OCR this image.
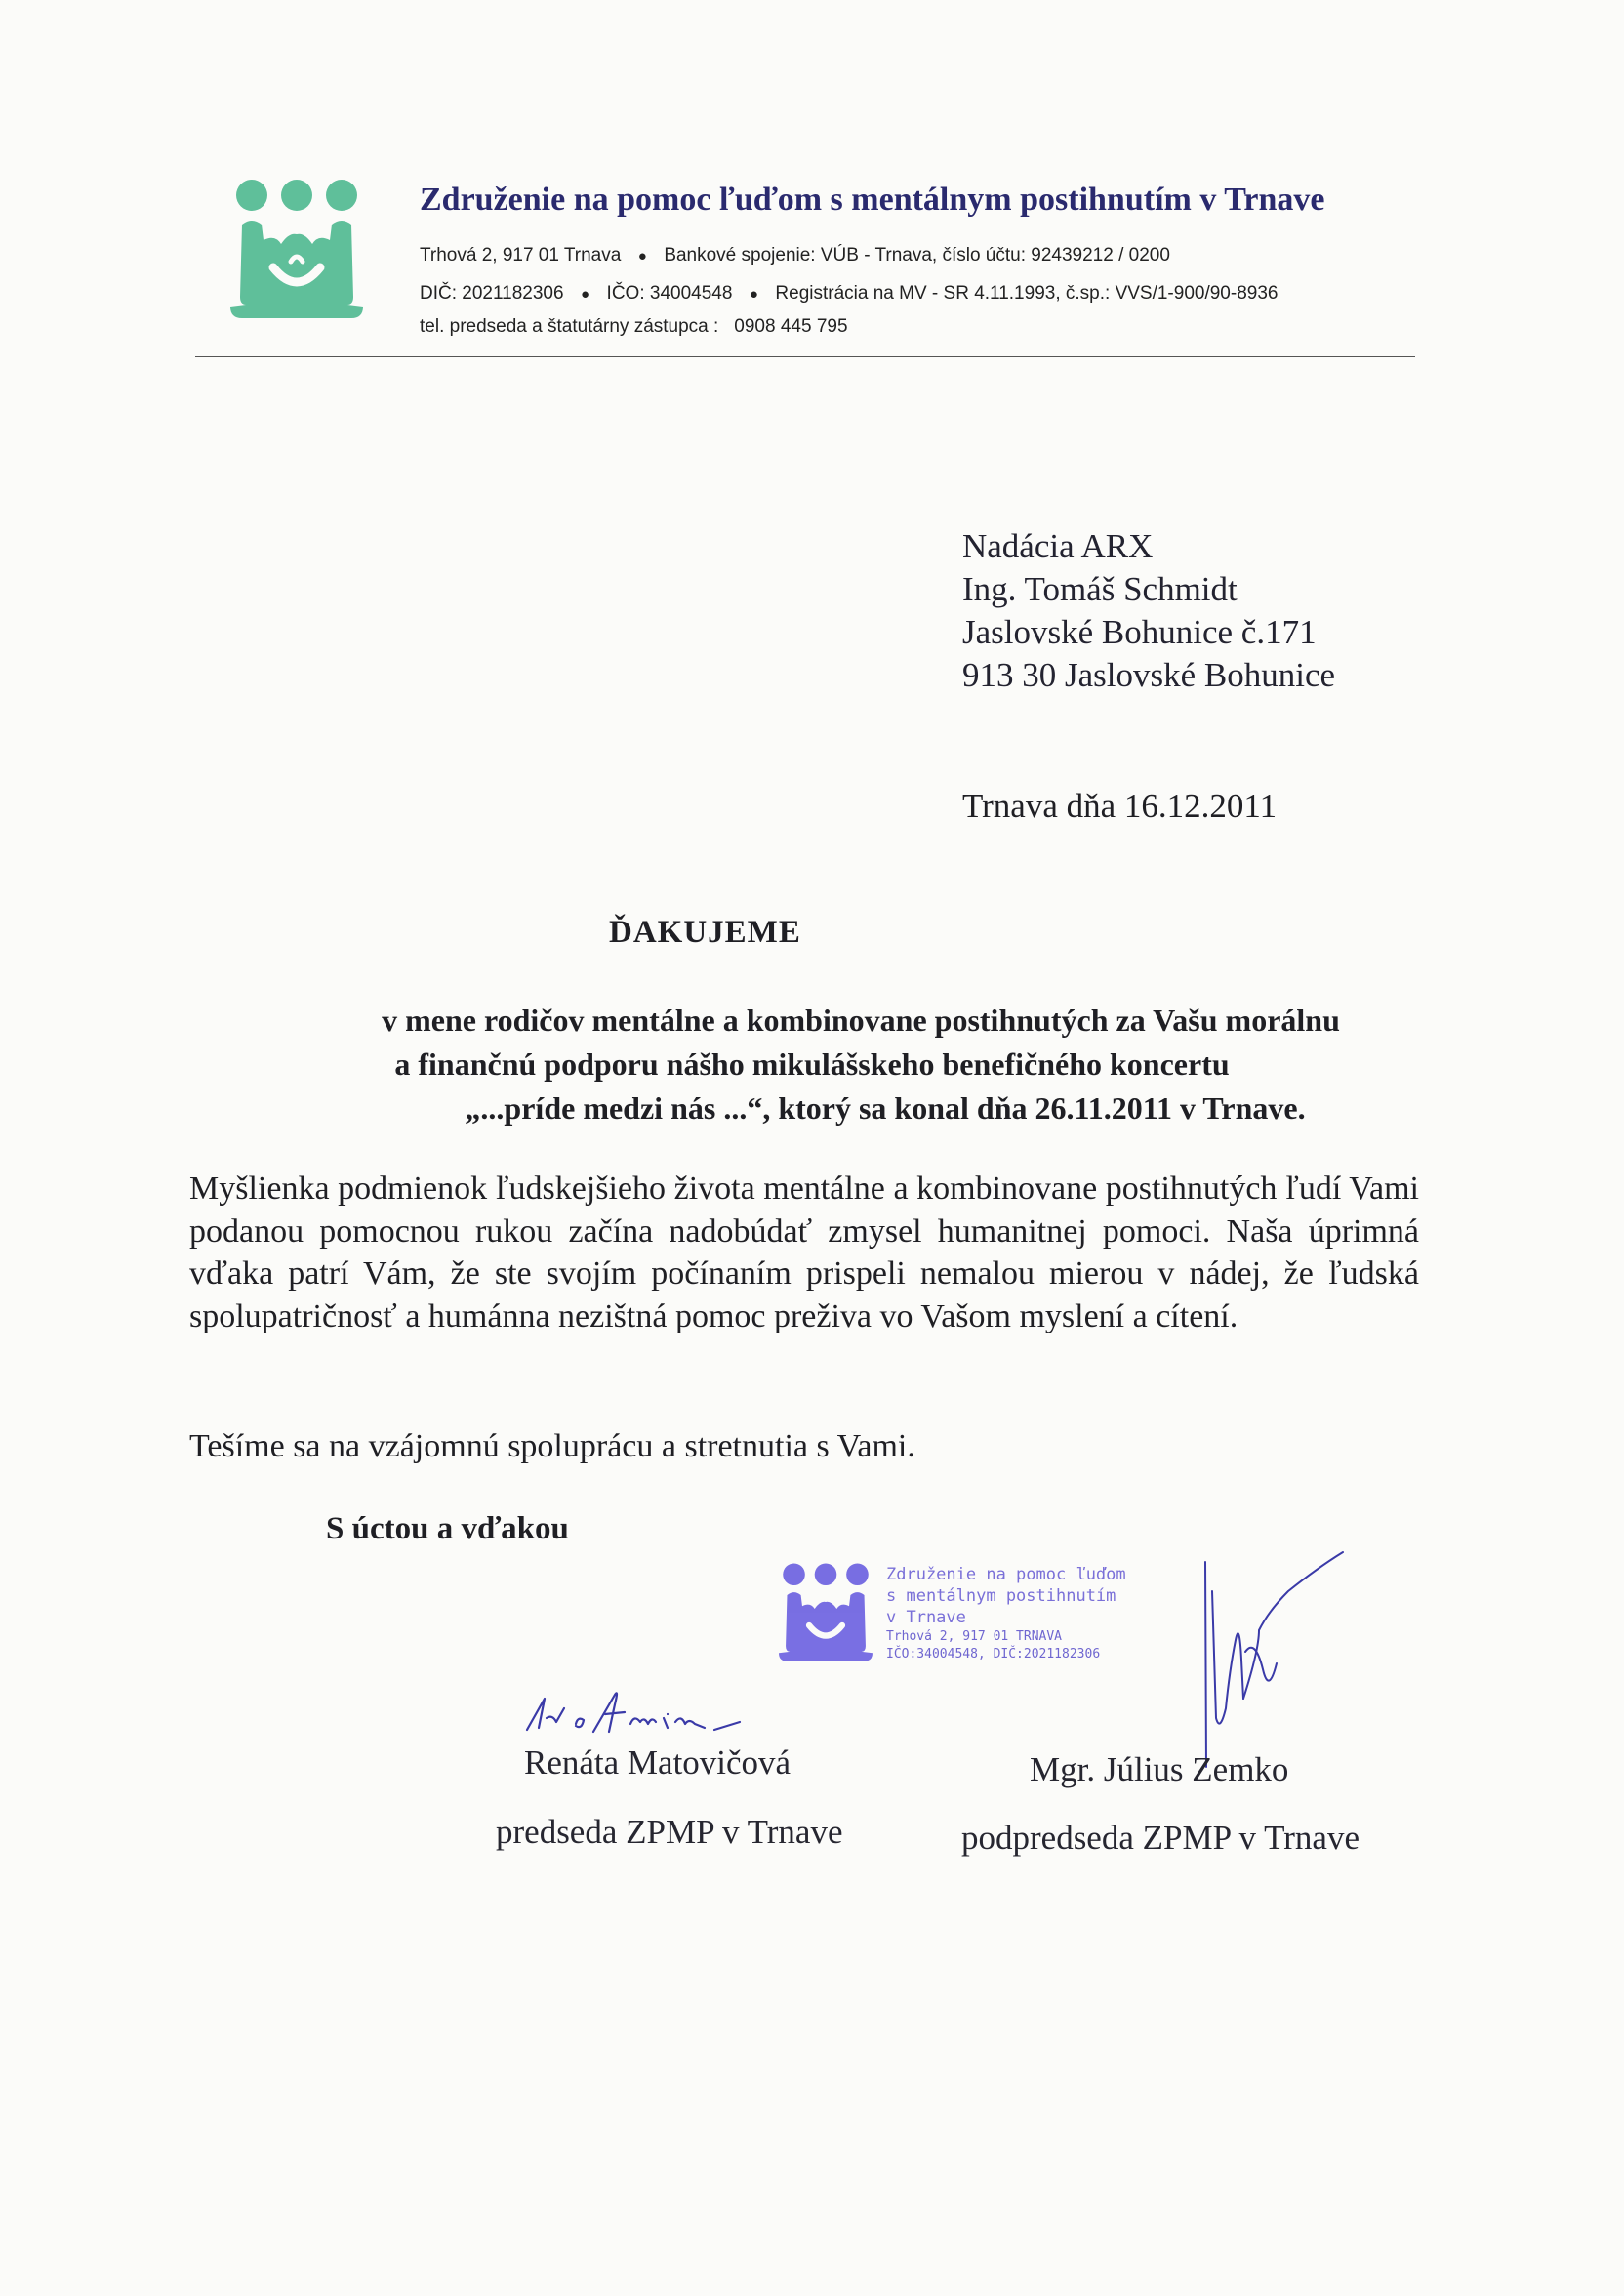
Združenie na pomoc ľuďom s mentálnym postihnutím v Trnave
Trhová 2, 917 01 Trnava ● Bankové spojenie: VÚB - Trnava, číslo účtu: 92439212 / 0200
DIČ: 2021182306 ● IČO: 34004548 ● Registrácia na MV - SR 4.11.1993, č.sp.: VVS/1-900/90-8936
tel. predseda a štatutárny zástupca : 0908 445 795
Nadácia ARX
Ing. Tomáš Schmidt
Jaslovské Bohunice č.171
913 30 Jaslovské Bohunice
Trnava dňa 16.12.2011
ĎAKUJEME
v mene rodičov mentálne a kombinovane postihnutých za Vašu morálnu
a finančnú podporu nášho mikulášskeho benefičného koncertu
„...príde medzi nás ...“, ktorý sa konal dňa 26.11.2011 v Trnave.
Myšlienka podmienok ľudskejšieho života mentálne a kombinovane postihnutých ľudí Vami podanou pomocnou rukou začína nadobúdať zmysel humanitnej pomoci. Naša úprimná vďaka patrí Vám, že ste svojím počínaním prispeli nemalou mierou v nádej, že ľudská spolupatričnosť a humánna nezištná pomoc preživa vo Vašom myslení a cítení.
Tešíme sa na vzájomnú spoluprácu a stretnutia s Vami.
S úctou a vďakou
Združenie na pomoc ľuďom
s mentálnym postihnutím
v Trnave
Trhová 2, 917 01 TRNAVA
IČO:34004548, DIČ:2021182306
Renáta Matovičová
predseda ZPMP v Trnave
Mgr. Július Zemko
podpredseda ZPMP v Trnave
